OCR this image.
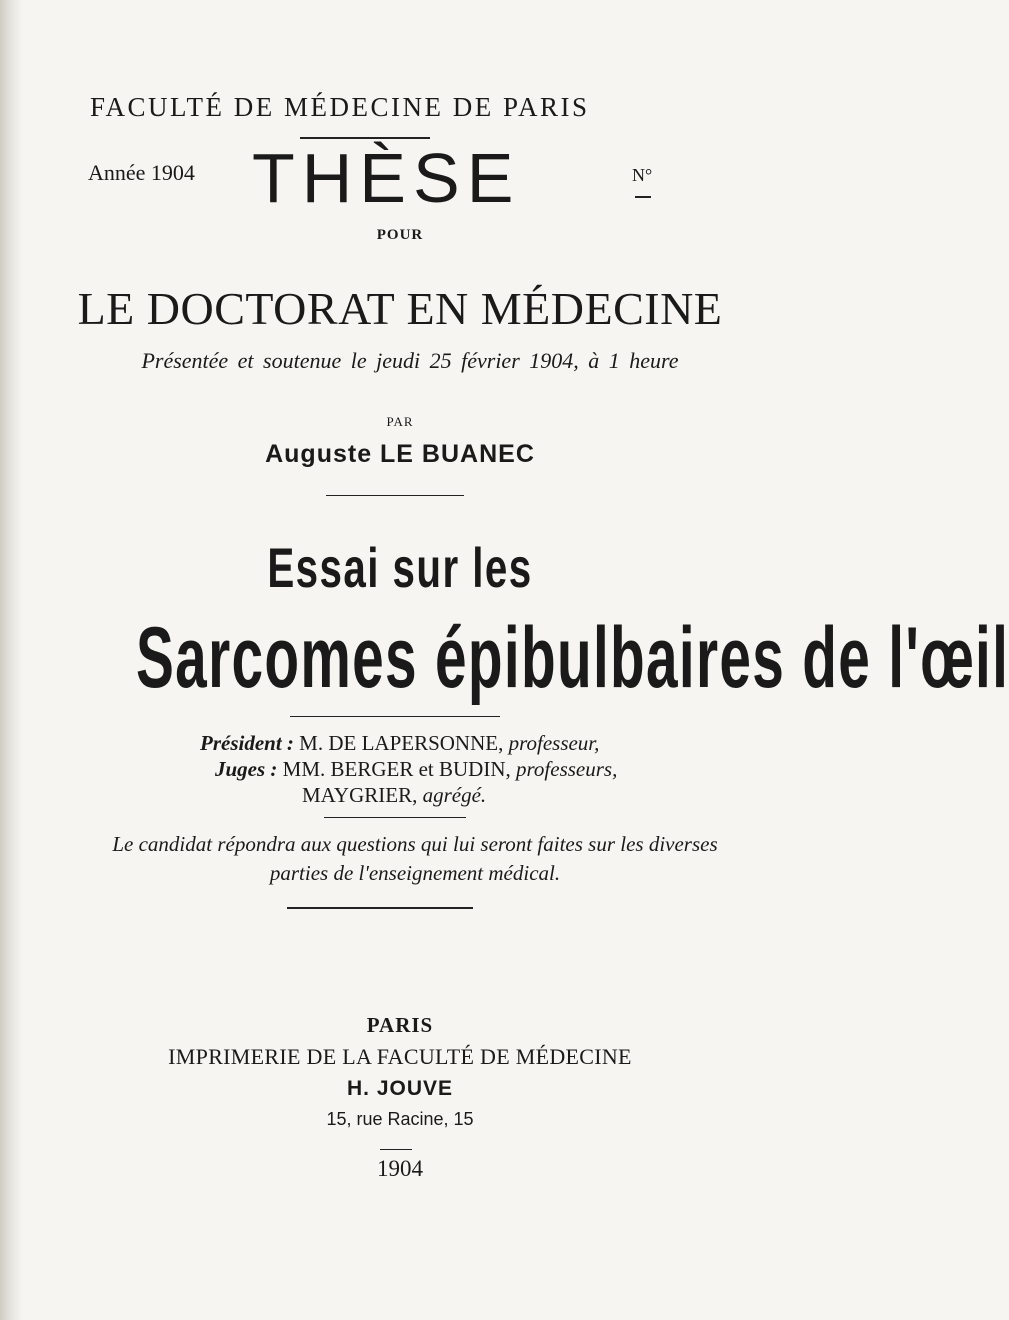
FACULTÉ DE MÉDECINE DE PARIS
Année 1904 THÈSE	N°
POUR
LE DOCTORAT EN MÉDECINE
Présentée et soutenue le jeudi 25 février 1904, à 1 heure
PAR
Auguste LE BUANEC
Essai sur les
Sarcomes épibulbaires de l'œil
Président : M. DE LAPERSONNE, professeur,
Juges : MM. BERGER et BUDIN, professeurs,
MAYGRIER, agrégé.
Le candidat répondra aux questions qui lui seront faites sur les diverses
parties de l'enseignement médical.
PARIS
IMPRIMERIE DE LA FACULTÉ DE MÉDECINE
H. JOUVE
15, rue Racine, 15
1904
